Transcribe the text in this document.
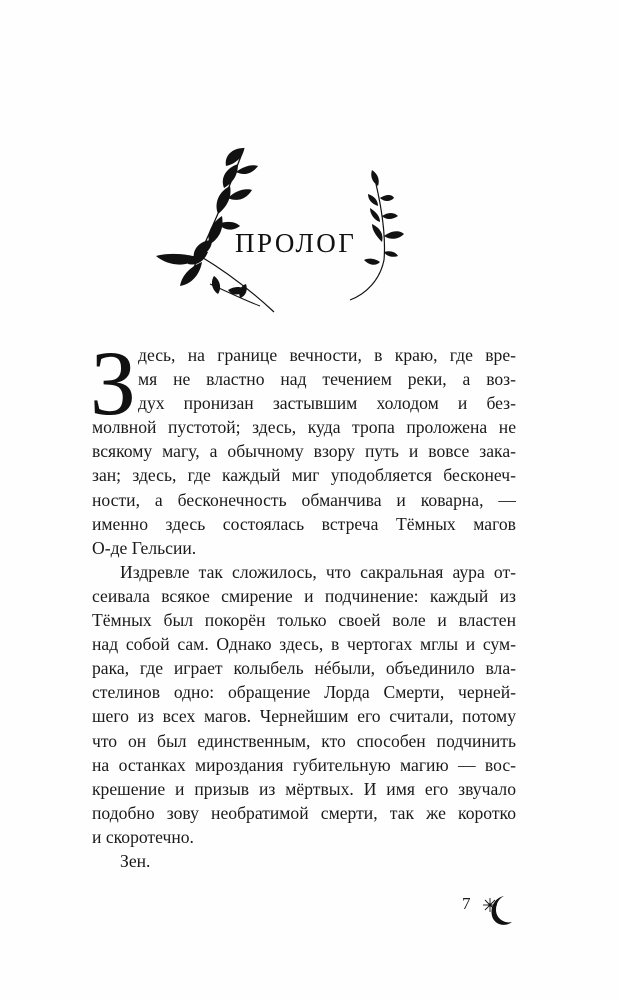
ПРОЛОГ
З десь, на границе вечности, в краю, где вре-
мя не властно над течением реки, а воз-
дух пронизан застывшим холодом и без-
молвной пустотой; здесь, куда тропа проложена не
всякому магу, а обычному взору путь и вовсе зака-
зан; здесь, где каждый миг уподобляется бесконеч-
ности, а бесконечность обманчива и коварна, —
именно здесь состоялась встреча Тёмных магов
О-де Гельсии.
Издревле так сложилось, что сакральная аура от-
сеивала всякое смирение и подчинение: каждый из
Тёмных был покорён только своей воле и властен
над собой сам. Однако здесь, в чертогах мглы и сум-
рака, где играет колыбель нéбыли, объединило вла-
стелинов одно: обращение Лорда Смерти, черней-
шего из всех магов. Чернейшим его считали, потому
что он был единственным, кто способен подчинить
на останках мироздания губительную магию — вос-
крешение и призыв из мёртвых. И имя его звучало
подобно зову необратимой смерти, так же коротко
и скоротечно.
Зен.
7
